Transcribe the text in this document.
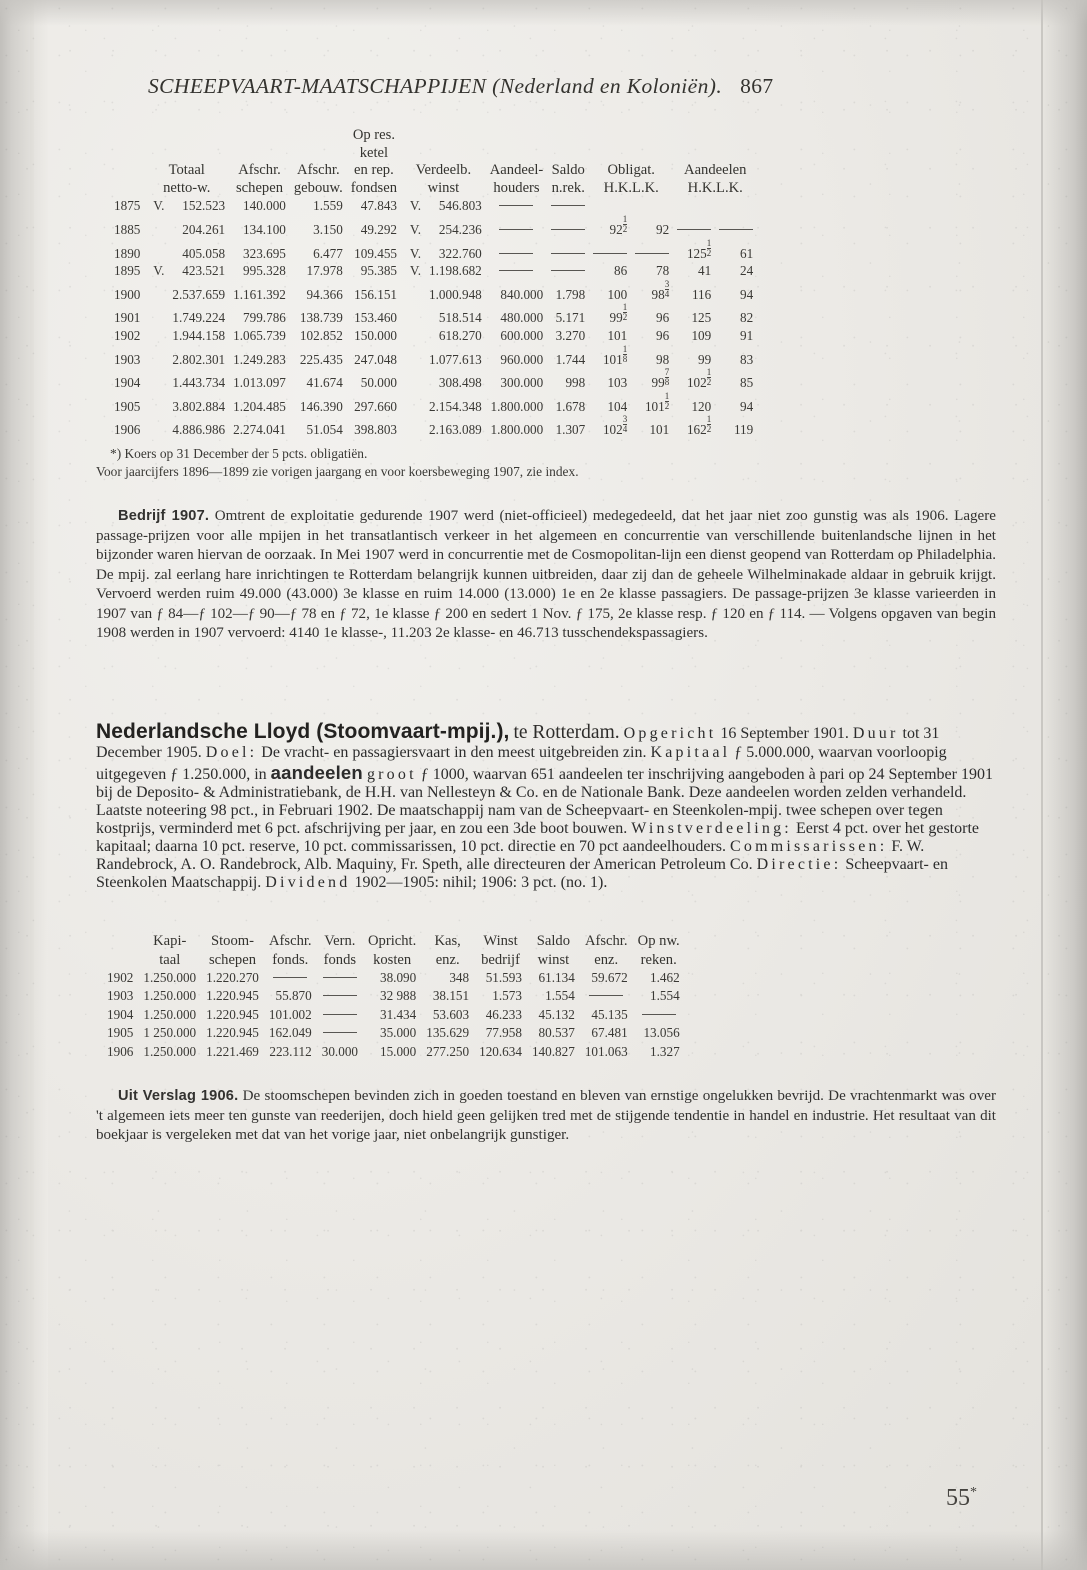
SCHEEPVAART-MAATSCHAPPIJEN (Nederland en Koloniën). 867
					Op res.								
					ketel								
	Totaal		Afschr.	Afschr.	en rep.	Verdeelb.		Aandeel-	Saldo	Obligat.		Aandeelen	
	netto-w.		schepen	gebouw.	fondsen	winst		houders	n.rek.	H.K.L.K.		H.K.L.K.	
1875	V.	152.523	140.000	1.559	47.843	V.	546.803						
1885		204.261	134.100	3.150	49.292	V.	254.236			$92 \frac{1}{2}$	92		
1890		405.058	323.695	6.477	109.455	V.	322.760					$125 \frac{1}{2}$	61
1895	V.	423.521	995.328	17.978	95.385	V.	1.198.682			86	78	41	24
1900		2.537.659	1.161.392	94.366	156.151		1.000.948	840.000	1.798	100	$98 \frac{3}{4}$	116	94
1901		1.749.224	799.786	138.739	153.460		518.514	480.000	5.171	$99 \frac{1}{2}$	96	125	82
1902		1.944.158	1.065.739	102.852	150.000		618.270	600.000	3.270	101	96	109	91
1903		2.802.301	1.249.283	225.435	247.048		1.077.613	960.000	1.744	$101 \frac{1}{8}$	98	99	83
1904		1.443.734	1.013.097	41.674	50.000		308.498	300.000	998	103	$99 \frac{7}{8}$	$102 \frac{1}{2}$	85
1905		3.802.884	1.204.485	146.390	297.660		2.154.348	1.800.000	1.678	104	$101 \frac{1}{2}$	120	94
1906		4.886.986	2.274.041	51.054	398.803		2.163.089	1.800.000	1.307	$102 \frac{3}{4}$	101	$162 \frac{1}{2}$	119
*) Koers op 31 December der 5 pcts. obligatiën.
Voor jaarcijfers 1896—1899 zie vorigen jaargang en voor koersbeweging 1907, zie index.

Bedrijf 1907. Omtrent de exploitatie gedurende 1907 werd (niet-officieel) medegedeeld, dat het jaar niet zoo gunstig was als 1906. Lagere passage-prijzen voor alle mpijen in het transatlantisch verkeer in het algemeen en concurrentie van verschillende buitenlandsche lijnen in het bijzonder waren hiervan de oorzaak. In Mei 1907 werd in concurrentie met de Cosmopolitan-lijn een dienst geopend van Rotterdam op Philadelphia. De mpij. zal eerlang hare inrichtingen te Rotterdam belangrijk kunnen uitbreiden, daar zij dan de geheele Wilhelminakade aldaar in gebruik krijgt. Vervoerd werden ruim 49.000 (43.000) 3e klasse en ruim 14.000 (13.000) 1e en 2e klasse passagiers. De passage-prijzen 3e klasse varieerden in 1907 van ƒ 84—ƒ 102—ƒ 90—ƒ 78 en ƒ 72, 1e klasse ƒ 200 en sedert 1 Nov. ƒ 175, 2e klasse resp. ƒ 120 en ƒ 114. — Volgens opgaven van begin 1908 werden in 1907 vervoerd: 4140 1e klasse-, 11.203 2e klasse- en 46.713 tusschendekspassagiers.

Nederlandsche Lloyd (Stoomvaart-mpij.), te Rotterdam. Opgericht 16 September 1901. Duur tot 31 December 1905. Doel: De vracht- en passagiersvaart in den meest uitgebreiden zin. Kapitaal ƒ 5.000.000, waarvan voorloopig uitgegeven ƒ 1.250.000, in aandeelen groot ƒ 1000, waarvan 651 aandeelen ter inschrijving aangeboden à pari op 24 September 1901 bij de Deposito- & Administratiebank, de H.H. van Nellesteyn & Co. en de Nationale Bank. Deze aandeelen worden zelden verhandeld. Laatste noteering 98 pct., in Februari 1902. De maatschappij nam van de Scheepvaart- en Steenkolen-mpij. twee schepen over tegen kostprijs, verminderd met 6 pct. afschrijving per jaar, en zou een 3de boot bouwen. Winstverdeeling: Eerst 4 pct. over het gestorte kapitaal; daarna 10 pct. reserve, 10 pct. commissarissen, 10 pct. directie en 70 pct aandeelhouders. Commissarissen: F. W. Randebrock, A. O. Randebrock, Alb. Maquiny, Fr. Speth, alle directeuren der American Petroleum Co. Directie: Scheepvaart- en Steenkolen Maatschappij. Dividend 1902—1905: nihil; 1906: 3 pct. (no. 1).

	Kapi-	Stoom-	Afschr.	Vern.	Opricht.	Kas,	Winst	Saldo	Afschr.	Op nw.
	taal	schepen	fonds.	fonds	kosten	enz.	bedrijf	winst	enz.	reken.
1902	1.250.000	1.220.270			38.090	348	51.593	61.134	59.672	1.462
1903	1.250.000	1.220.945	55.870		32 988	38.151	1.573	1.554		1.554
1904	1.250.000	1.220.945	101.002		31.434	53.603	46.233	45.132	45.135	
1905	1 250.000	1.220.945	162.049		35.000	135.629	77.958	80.537	67.481	13.056
1906	1.250.000	1.221.469	223.112	30.000	15.000	277.250	120.634	140.827	101.063	1.327

Uit Verslag 1906. De stoomschepen bevinden zich in goeden toestand en bleven van ernstige ongelukken bevrijd. De vrachtenmarkt was over 't algemeen iets meer ten gunste van reederijen, doch hield geen gelijken tred met de stijgende tendentie in handel en industrie. Het resultaat van dit boekjaar is vergeleken met dat van het vorige jaar, niet onbelangrijk gunstiger.

55*
